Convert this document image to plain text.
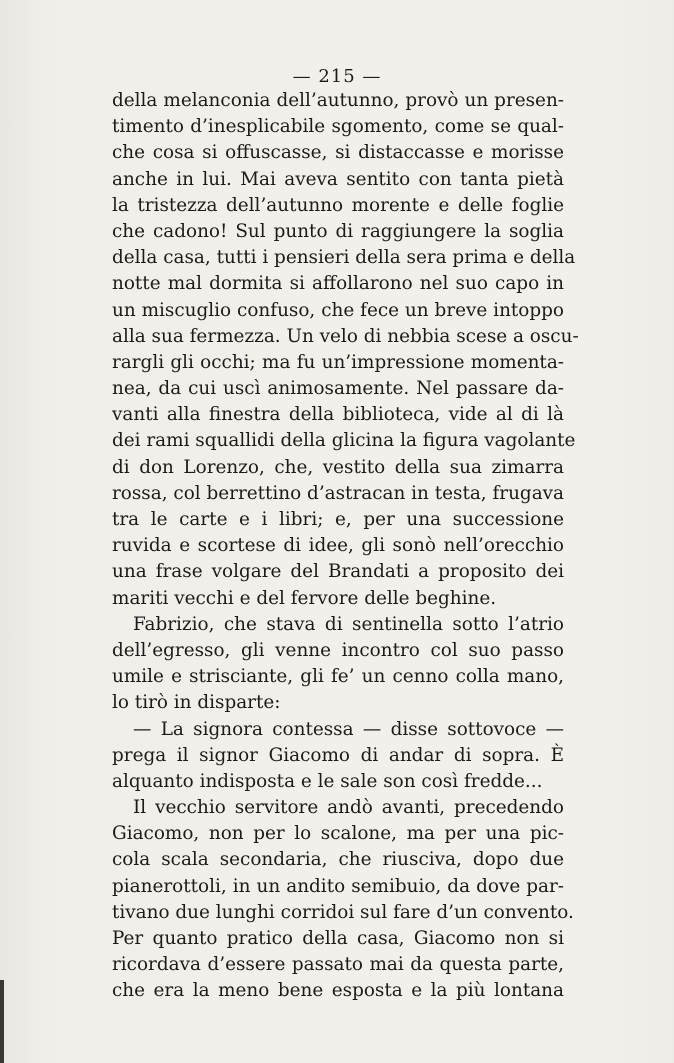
— 215 —
della melanconia dell’autunno, provò un presen-
timento d’inesplicabile sgomento, come se qual-
che cosa si offuscasse, si distaccasse e morisse
anche in lui. Mai aveva sentito con tanta pietà
la tristezza dell’autunno morente e delle foglie
che cadono! Sul punto di raggiungere la soglia
della casa, tutti i pensieri della sera prima e della
notte mal dormita si affollarono nel suo capo in
un miscuglio confuso, che fece un breve intoppo
alla sua fermezza. Un velo di nebbia scese a oscu-
rargli gli occhi; ma fu un’impressione momenta-
nea, da cui uscì animosamente. Nel passare da-
vanti alla finestra della biblioteca, vide al di là
dei rami squallidi della glicina la figura vagolante
di don Lorenzo, che, vestito della sua zimarra
rossa, col berrettino d’astracan in testa, frugava
tra le carte e i libri; e, per una successione
ruvida e scortese di idee, gli sonò nell’orecchio
una frase volgare del Brandati a proposito dei
mariti vecchi e del fervore delle beghine.
Fabrizio, che stava di sentinella sotto l’atrio
dell’egresso, gli venne incontro col suo passo
umile e strisciante, gli fe’ un cenno colla mano,
lo tirò in disparte:
— La signora contessa — disse sottovoce —
prega il signor Giacomo di andar di sopra. È
alquanto indisposta e le sale son così fredde...
Il vecchio servitore andò avanti, precedendo
Giacomo, non per lo scalone, ma per una pic-
cola scala secondaria, che riusciva, dopo due
pianerottoli, in un andito semibuio, da dove par-
tivano due lunghi corridoi sul fare d’un convento.
Per quanto pratico della casa, Giacomo non si
ricordava d’essere passato mai da questa parte,
che era la meno bene esposta e la più lontana
